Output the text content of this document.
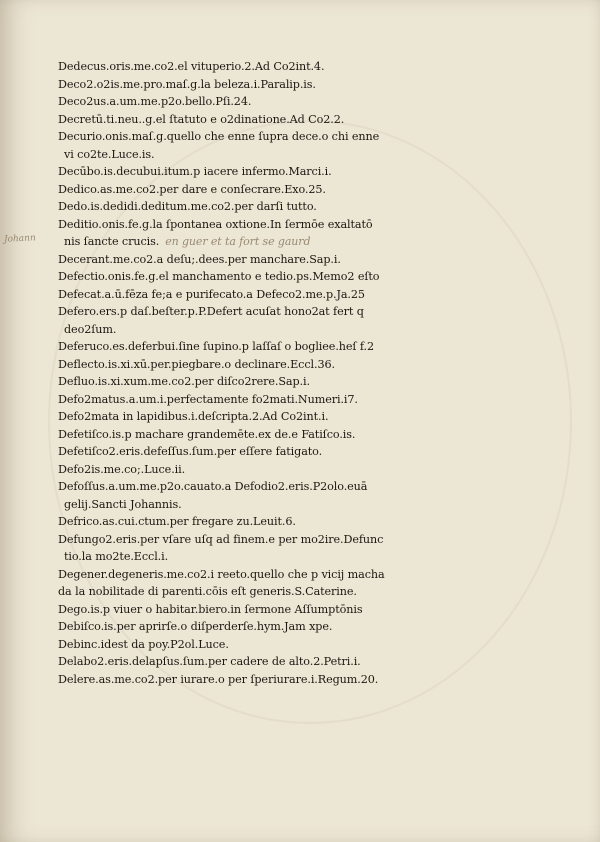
Johann
Dedecus.oris.me.co2.el vituperio.2.Ad Co2int.4.
Deco2.o2is.me.pro.maſ.g.la beleza.i.Paralip.is.
Deco2us.a.um.me.p2o.bello.Pſi.24.
Decretū.ti.neu..g.el ſtatuto e o2dinatione.Ad Co2.2.
Decurio.onis.maſ.g.quello che enne ſupra dece.o chi enne
vi co2te.Luce.is.
Decūbo.is.decubui.itum.p iacere infermo.Marci.i.
Dedico.as.me.co2.per dare e conſecrare.Exo.25.
Dedo.is.dedidi.deditum.me.co2.per darſi tutto.
Deditio.onis.fe.g.la ſpontanea oxtione.In ſermōe exaltatō
nis ſancte crucis. en guer et ta fort se gaurd
Decerant.me.co2.a deſu;.dees.per manchare.Sap.i.
Defectio.onis.fe.g.el manchamento e tedio.ps.Memo2 eſto
Defecat.a.ū.fēza fe;a e purifecato.a Defeco2.me.p.Ja.25
Defero.ers.p daſ.beſter.p.P.Defert acuſat hono2at fert q
deo2ſum.
Deferuco.es.deferbui.ſine ſupino.p laſſaſ o bogliee.heſ f.2
Deflecto.is.xi.xū.per.piegbare.o declinare.Eccl.36.
Defluo.is.xi.xum.me.co2.per diſco2rere.Sap.i.
Defo2matus.a.um.i.perfectamente fo2mati.Numeri.i7.
Defo2mata in lapidibus.i.deſcripta.2.Ad Co2int.i.
Defetiſco.is.p machare grandemēte.ex de.e Fatiſco.is.
Defetiſco2.eris.defeſſus.ſum.per eſſere fatigato.
Defo2is.me.co;.Luce.ii.
Defoſſus.a.um.me.p2o.cauato.a Defodio2.eris.P2olo.euā
gelij.Sancti Johannis.
Defrico.as.cui.ctum.per fregare zu.Leuit.6.
Defungo2.eris.per vſare uſq ad finem.e per mo2ire.Defunc
tio.la mo2te.Eccl.i.
Degener.degeneris.me.co2.i reeto.quello che p vicij macha
da la nobilitade di parenti.cōis eſt generis.S.Caterine.
Dego.is.p viuer o habitar.biero.in ſermone Aſſumptōnis
Debiſco.is.per aprirſe.o diſperderſe.hym.Jam xpe.
Debinc.idest da poy.P2ol.Luce.
Delabo2.eris.delapſus.ſum.per cadere de alto.2.Petri.i.
Delere.as.me.co2.per iurare.o per ſperiurare.i.Regum.20.
